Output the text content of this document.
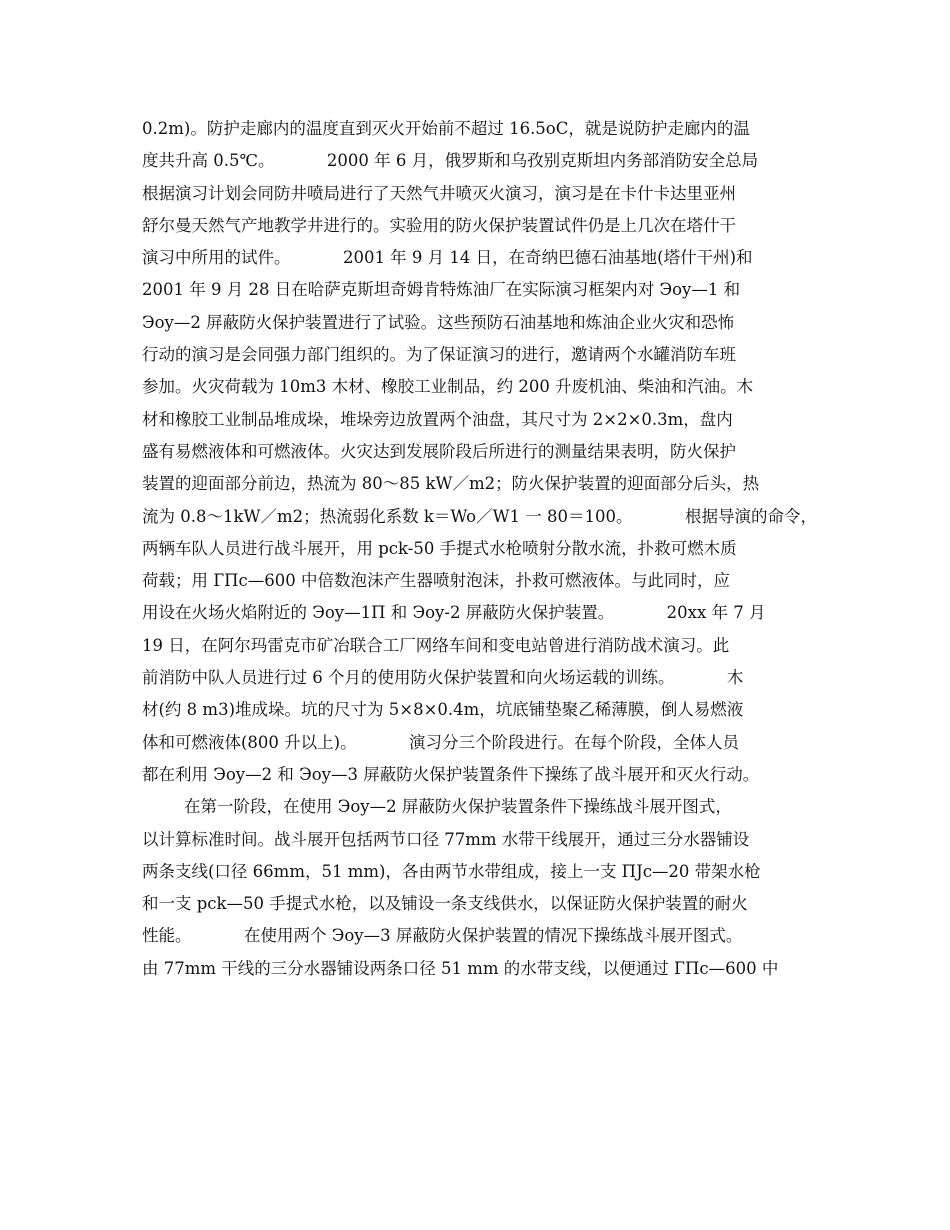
0.2m)。防护走廊内的温度直到灭火开始前不超过 16.5oC，就是说防护走廊内的温
度共升高 0.5℃。          2000 年 6 月，俄罗斯和乌孜别克斯坦内务部消防安全总局
根据演习计划会同防井喷局进行了天然气井喷灭火演习，演习是在卡什卡达里亚州
舒尔曼天然气产地教学井进行的。实验用的防火保护装置试件仍是上几次在塔什干
演习中所用的试件。          2001 年 9 月 14 日，在奇纳巴德石油基地(塔什干州)和
2001 年 9 月 28 日在哈萨克斯坦奇姆肯特炼油厂在实际演习框架内对 Эoy—1 和
Эoy—2 屏蔽防火保护装置进行了试验。这些预防石油基地和炼油企业火灾和恐怖
行动的演习是会同强力部门组织的。为了保证演习的进行，邀请两个水罐消防车班
参加。火灾荷载为 10m3 木材、橡胶工业制品，约 200 升废机油、柴油和汽油。木
材和橡胶工业制品堆成垛，堆垛旁边放置两个油盘，其尺寸为 2×2×0.3m，盘内
盛有易燃液体和可燃液体。火灾达到发展阶段后所进行的测量结果表明，防火保护
装置的迎面部分前边，热流为 80～85 kW／m2；防火保护装置的迎面部分后头，热
流为 0.8～1kW／m2；热流弱化系数 k＝Wo／W1 一 80＝100。          根据导演的命令，
两辆车队人员进行战斗展开，用 pck-50 手提式水枪喷射分散水流，扑救可燃木质
荷载；用 ГПс—600 中倍数泡沫产生器喷射泡沫，扑救可燃液体。与此同时，应
用设在火场火焰附近的 Эoy—1П 和 Эoy-2 屏蔽防火保护装置。          20xx 年 7 月
19 日，在阿尔玛雷克市矿冶联合工厂网络车间和变电站曾进行消防战术演习。此
前消防中队人员进行过 6 个月的使用防火保护装置和向火场运载的训练。          木
材(约 8 m3)堆成垛。坑的尺寸为 5×8×0.4m，坑底铺垫聚乙稀薄膜，倒人易燃液
体和可燃液体(800 升以上)。          演习分三个阶段进行。在每个阶段，全体人员
都在利用 Эoy—2 和 Эoy—3 屏蔽防火保护装置条件下操练了战斗展开和灭火行动。
在第一阶段，在使用 Эoy—2 屏蔽防火保护装置条件下操练战斗展开图式，
以计算标准时间。战斗展开包括两节口径 77mm 水带干线展开，通过三分水器铺设
两条支线(口径 66mm，51 mm)，各由两节水带组成，接上一支 ПJc—20 带架水枪
和一支 pck—50 手提式水枪，以及铺设一条支线供水，以保证防火保护装置的耐火
性能。          在使用两个 Эoy—3 屏蔽防火保护装置的情况下操练战斗展开图式。
由 77mm 干线的三分水器铺设两条口径 51 mm 的水带支线，以便通过 ГПс—600 中
